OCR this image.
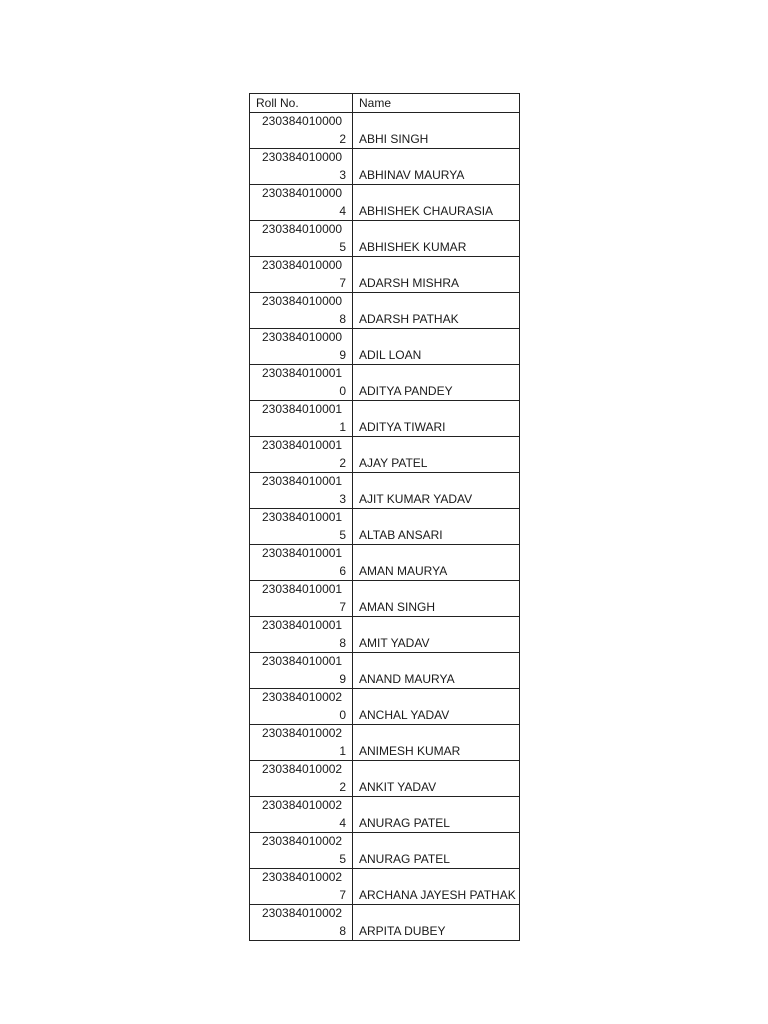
Roll No.	Name

230384010000
2	ABHI SINGH

230384010000
3	ABHINAV MAURYA

230384010000
4	ABHISHEK CHAURASIA

230384010000
5	ABHISHEK KUMAR

230384010000
7	ADARSH MISHRA

230384010000
8	ADARSH PATHAK

230384010000
9	ADIL LOAN

230384010001
0	ADITYA PANDEY

230384010001
1	ADITYA TIWARI

230384010001
2	AJAY PATEL

230384010001
3	AJIT KUMAR YADAV

230384010001
5	ALTAB ANSARI

230384010001
6	AMAN MAURYA

230384010001
7	AMAN SINGH

230384010001
8	AMIT YADAV

230384010001
9	ANAND MAURYA

230384010002
0	ANCHAL YADAV

230384010002
1	ANIMESH KUMAR

230384010002
2	ANKIT YADAV

230384010002
4	ANURAG PATEL

230384010002
5	ANURAG PATEL

230384010002
7	ARCHANA JAYESH PATHAK

230384010002
8	ARPITA DUBEY
